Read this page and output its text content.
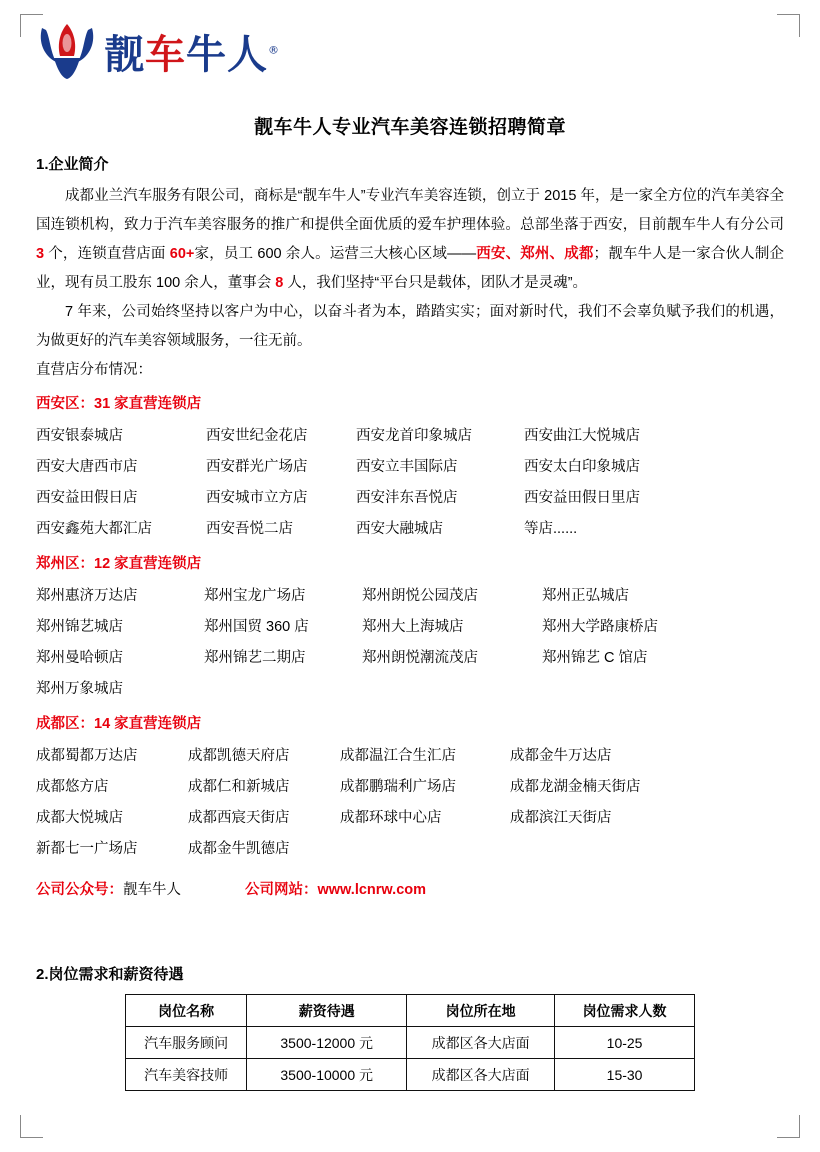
靓车牛人®
靓车牛人专业汽车美容连锁招聘简章
1.企业简介

成都业兰汽车服务有限公司，商标是“靓车牛人”专业汽车美容连锁，创立于 2015 年，是一家全方位的汽车美容全国连锁机构，致力于汽车美容服务的推广和提供全面优质的爱车护理体验。总部坐落于西安，目前靓车牛人有分公司 3 个，连锁直营店面 60+家，员工 600 余人。运营三大核心区域——西安、郑州、成都；靓车牛人是一家合伙人制企业，现有员工股东 100 余人，董事会 8 人，我们坚持“平台只是载体，团队才是灵魂”。

7 年来，公司始终坚持以客户为中心，以奋斗者为本，踏踏实实；面对新时代，我们不会辜负赋予我们的机遇，为做更好的汽车美容领域服务，一往无前。

直营店分布情况：

西安区：31 家直营连锁店
西安银泰城店	西安世纪金花店	西安龙首印象城店	西安曲江大悦城店
西安大唐西市店	西安群光广场店	西安立丰国际店	西安太白印象城店
西安益田假日店	西安城市立方店	西安沣东吾悦店	西安益田假日里店
西安鑫苑大都汇店	西安吾悦二店	西安大融城店	等店......
郑州区：12 家直营连锁店
郑州惠济万达店	郑州宝龙广场店	郑州朗悦公园茂店	郑州正弘城店
郑州锦艺城店	郑州国贸 360 店	郑州大上海城店	郑州大学路康桥店
郑州曼哈顿店	郑州锦艺二期店	郑州朗悦潮流茂店	郑州锦艺 C 馆店
郑州万象城店
成都区：14 家直营连锁店
成都蜀都万达店	成都凯德天府店	成都温江合生汇店	成都金牛万达店
成都悠方店	成都仁和新城店	成都鹏瑞利广场店	成都龙湖金楠天街店
成都大悦城店	成都西宸天街店	成都环球中心店	成都滨江天街店
新都七一广场店	成都金牛凯德店
公司公众号：靓车牛人	公司网站：www.lcnrw.com
2.岗位需求和薪资待遇
岗位名称	薪资待遇	岗位所在地	岗位需求人数
汽车服务顾问	3500-12000 元	成都区各大店面	10-25
汽车美容技师	3500-10000 元	成都区各大店面	15-30
